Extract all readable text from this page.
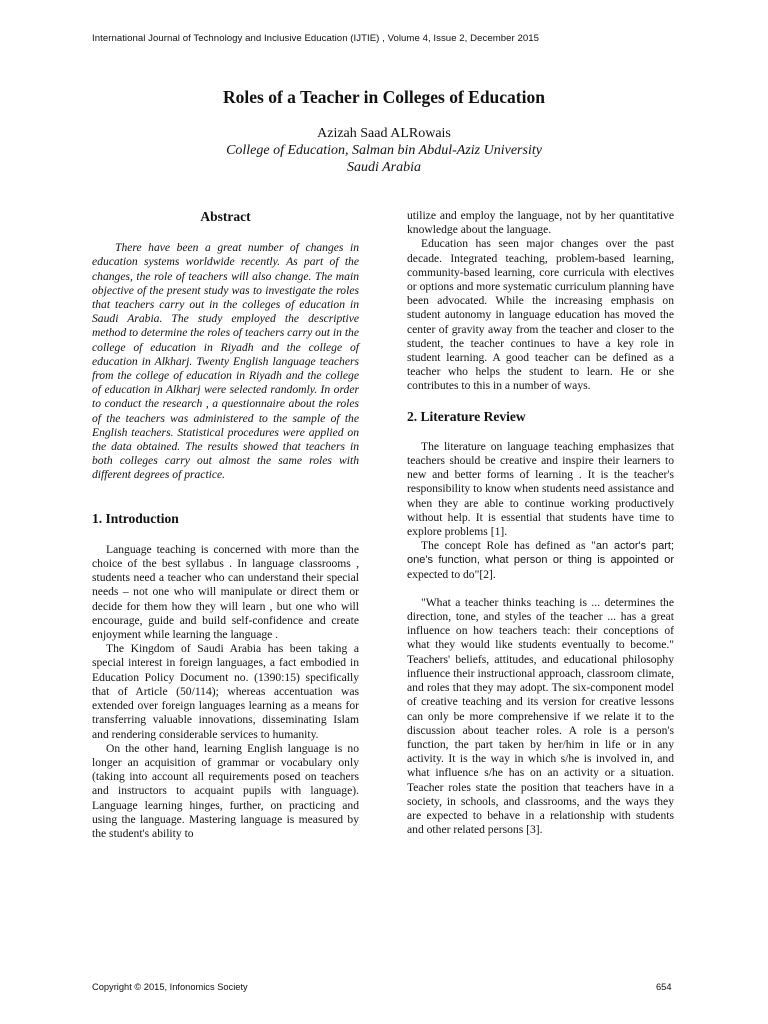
International Journal of Technology and Inclusive Education (IJTIE) , Volume 4, Issue 2, December 2015
Roles of a Teacher in Colleges of Education
Azizah Saad ALRowais
College of Education, Salman bin Abdul-Aziz University
Saudi Arabia
Abstract

There have been a great number of changes in education systems worldwide recently. As part of the changes, the role of teachers will also change. The main objective of the present study was to investigate the roles that teachers carry out in the colleges of education in Saudi Arabia. The study employed the descriptive method to determine the roles of teachers carry out in the college of education in Riyadh and the college of education in Alkharj. Twenty English language teachers from the college of education in Riyadh and the college of education in Alkharj were selected randomly. In order to conduct the research , a questionnaire about the roles of the teachers was administered to the sample of the English teachers. Statistical procedures were applied on the data obtained. The results showed that teachers in both colleges carry out almost the same roles with different degrees of practice.

1. Introduction

Language teaching is concerned with more than the choice of the best syllabus . In language classrooms , students need a teacher who can understand their special needs – not one who will manipulate or direct them or decide for them how they will learn , but one who will encourage, guide and build self-confidence and create enjoyment while learning the language .

The Kingdom of Saudi Arabia has been taking a special interest in foreign languages, a fact embodied in Education Policy Document no. (1390:15) specifically that of Article (50/114); whereas accentuation was extended over foreign languages learning as a means for transferring valuable innovations, disseminating Islam and rendering considerable services to humanity.

On the other hand, learning English language is no longer an acquisition of grammar or vocabulary only (taking into account all requirements posed on teachers and instructors to acquaint pupils with language). Language learning hinges, further, on practicing and using the language. Mastering language is measured by the student's ability to

utilize and employ the language, not by her quantitative knowledge about the language.

Education has seen major changes over the past decade. Integrated teaching, problem-based learning, community-based learning, core curricula with electives or options and more systematic curriculum planning have been advocated. While the increasing emphasis on student autonomy in language education has moved the center of gravity away from the teacher and closer to the student, the teacher continues to have a key role in student learning. A good teacher can be defined as a teacher who helps the student to learn. He or she contributes to this in a number of ways.

2. Literature Review

The literature on language teaching emphasizes that teachers should be creative and inspire their learners to new and better forms of learning . It is the teacher's responsibility to know when students need assistance and when they are able to continue working productively without help. It is essential that students have time to explore problems [1].

The concept Role has defined as "an actor's part; one's function, what person or thing is appointed or expected to do"[2].

"What a teacher thinks teaching is ... determines the direction, tone, and styles of the teacher ... has a great influence on how teachers teach: their conceptions of what they would like students eventually to become." Teachers' beliefs, attitudes, and educational philosophy influence their instructional approach, classroom climate, and roles that they may adopt. The six-component model of creative teaching and its version for creative lessons can only be more comprehensive if we relate it to the discussion about teacher roles. A role is a person's function, the part taken by her/him in life or in any activity. It is the way in which s/he is involved in, and what influence s/he has on an activity or a situation. Teacher roles state the position that teachers have in a society, in schools, and classrooms, and the ways they are expected to behave in a relationship with students and other related persons [3].

Copyright © 2015, Infonomics Society	654
